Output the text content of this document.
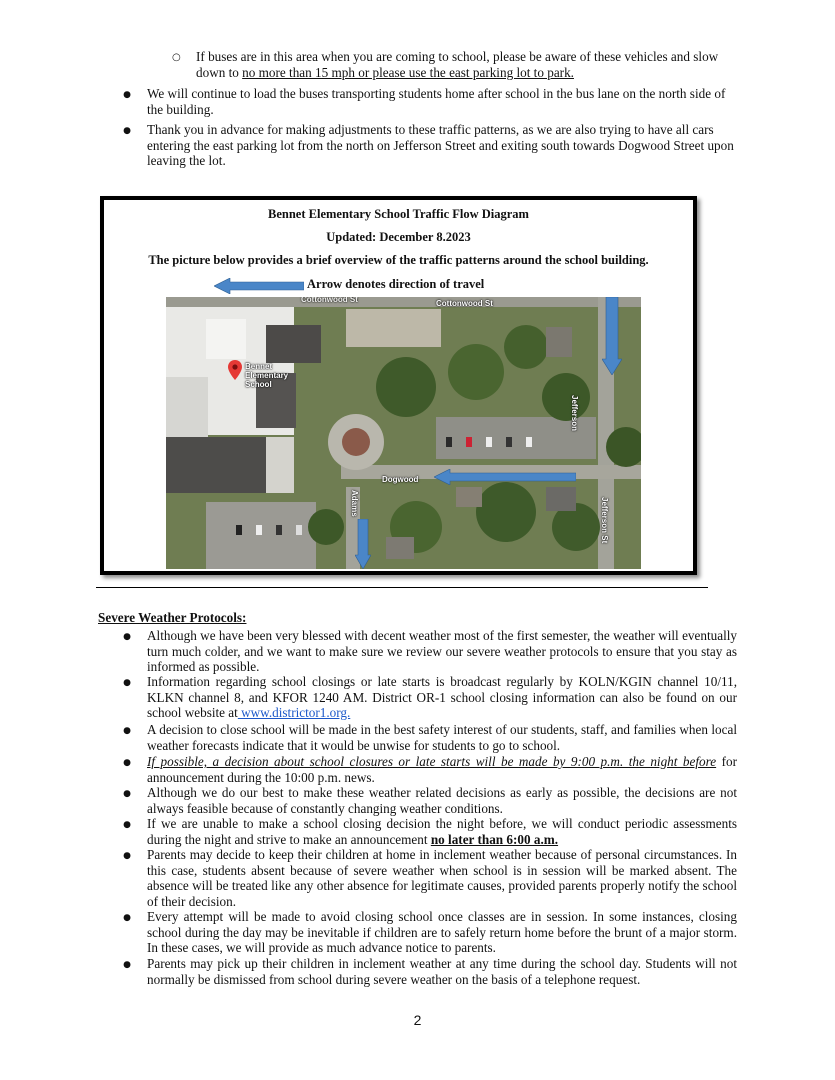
○ If buses are in this area when you are coming to school, please be aware of these vehicles and slow down to no more than 15 mph or please use the east parking lot to park.
● We will continue to load the buses transporting students home after school in the bus lane on the north side of the building.
● Thank you in advance for making adjustments to these traffic patterns, as we are also trying to have all cars entering the east parking lot from the north on Jefferson Street and exiting south towards Dogwood Street upon leaving the lot.
Bennet Elementary School Traffic Flow Diagram
Updated: December 8.2023
The picture below provides a brief overview of the traffic patterns around the school building.
Arrow denotes direction of travel
Bennet Elementary School
Cottonwood St
Cottonwood St
Jefferson
Jefferson St
Dogwood
Adams
Severe Weather Protocols:
● Although we have been very blessed with decent weather most of the first semester, the weather will eventually turn much colder, and we want to make sure we review our severe weather protocols to ensure that you stay as informed as possible.
● Information regarding school closings or late starts is broadcast regularly by KOLN/KGIN channel 10/11, KLKN channel 8, and KFOR 1240 AM. District OR-1 school closing information can also be found on our school website at www.districtor1.org.
● A decision to close school will be made in the best safety interest of our students, staff, and families when local weather forecasts indicate that it would be unwise for students to go to school.
● If possible, a decision about school closures or late starts will be made by 9:00 p.m. the night before for announcement during the 10:00 p.m. news.
● Although we do our best to make these weather related decisions as early as possible, the decisions are not always feasible because of constantly changing weather conditions.
● If we are unable to make a school closing decision the night before, we will conduct periodic assessments during the night and strive to make an announcement no later than 6:00 a.m.
● Parents may decide to keep their children at home in inclement weather because of personal circumstances. In this case, students absent because of severe weather when school is in session will be marked absent. The absence will be treated like any other absence for legitimate causes, provided parents properly notify the school of their decision.
● Every attempt will be made to avoid closing school once classes are in session. In some instances, closing school during the day may be inevitable if children are to safely return home before the brunt of a major storm. In these cases, we will provide as much advance notice to parents.
● Parents may pick up their children in inclement weather at any time during the school day. Students will not normally be dismissed from school during severe weather on the basis of a telephone request.
2
